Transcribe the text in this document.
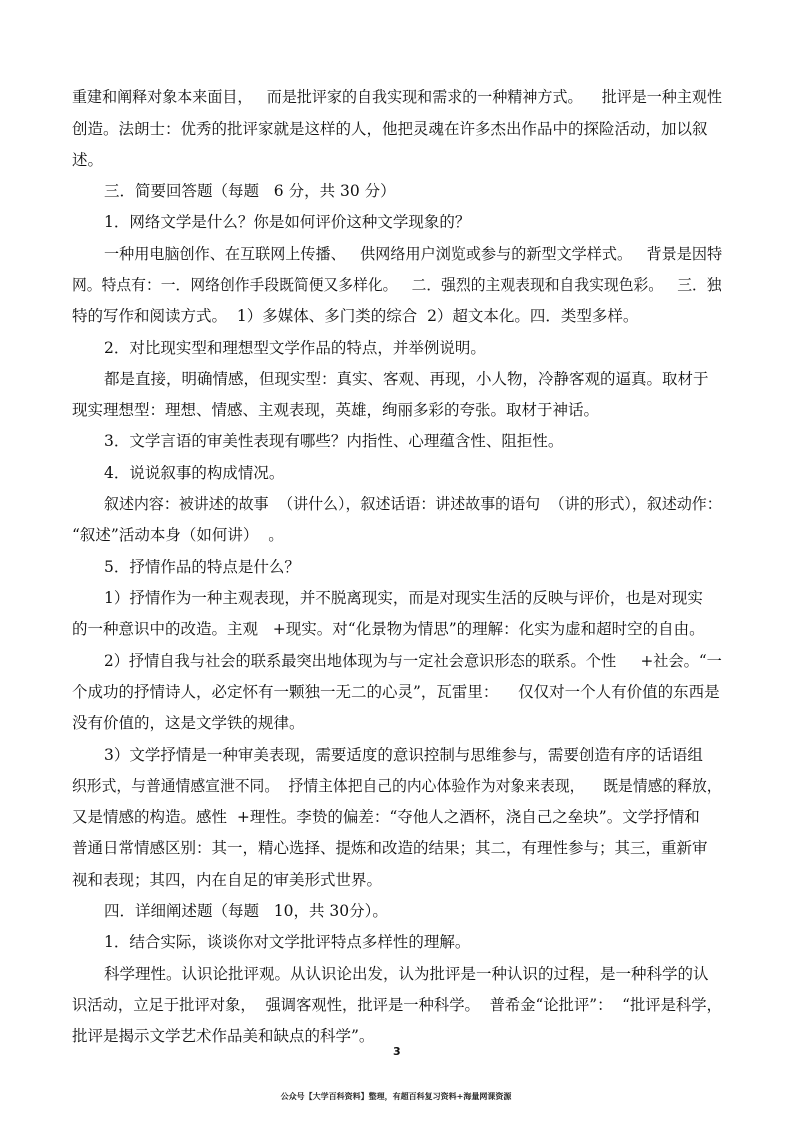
重建和阐释对象本来面目，   而是批评家的自我实现和需求的一种精神方式。    批评是一种主观性
创造。法朗士：优秀的批评家就是这样的人，他把灵魂在许多杰出作品中的探险活动，加以叙
述。
三．简要回答题（每题   6 分，共 30 分）
1．网络文学是什么？你是如何评价这种文学现象的？
一种用电脑创作、在互联网上传播、   供网络用户浏览或参与的新型文学样式。   背景是因特
网。特点有：一．网络创作手段既简便又多样化。   二．强烈的主观表现和自我实现色彩。   三．独
特的写作和阅读方式。  1）多媒体、多门类的综合  2）超文本化。四．类型多样。
2．对比现实型和理想型文学作品的特点，并举例说明。
都是直接，明确情感，但现实型：真实、客观、再现，小人物，冷静客观的逼真。取材于
现实理想型：理想、情感、主观表现，英雄，绚丽多彩的夸张。取材于神话。
3．文学言语的审美性表现有哪些？内指性、心理蕴含性、阻拒性。
4．说说叙事的构成情况。
叙述内容：被讲述的故事  （讲什么），叙述话语：讲述故事的语句  （讲的形式），叙述动作：
“叙述”活动本身（如何讲）  。
5．抒情作品的特点是什么？
1）抒情作为一种主观表现，并不脱离现实，而是对现实生活的反映与评价，也是对现实
的一种意识中的改造。主观   +现实。对“化景物为情思”的理解：化实为虚和超时空的自由。
2）抒情自我与社会的联系最突出地体现为与一定社会意识形态的联系。个性     +社会。“一
个成功的抒情诗人，必定怀有一颗独一无二的心灵”，瓦雷里：    仅仅对一个人有价值的东西是
没有价值的，这是文学铁的规律。
3）文学抒情是一种审美表现，需要适度的意识控制与思维参与，需要创造有序的话语组
织形式，与普通情感宣泄不同。  抒情主体把自己的内心体验作为对象来表现，    既是情感的释放，
又是情感的构造。感性  +理性。李贽的偏差：“夺他人之酒杯，浇自己之垒块”。文学抒情和
普通日常情感区别：其一，精心选择、提炼和改造的结果；其二，有理性参与；其三，重新审
视和表现；其四，内在自足的审美形式世界。
四．详细阐述题（每题   10，共 30分）。
1．结合实际，谈谈你对文学批评特点多样性的理解。
科学理性。认识论批评观。从认识论出发，认为批评是一种认识的过程，是一种科学的认
识活动，立足于批评对象，  强调客观性，批评是一种科学。  普希金“论批评”：  “批评是科学，
批评是揭示文学艺术作品美和缺点的科学”。
3
公众号【大学百科资料】整理，有超百科复习资料+海量网课资源
